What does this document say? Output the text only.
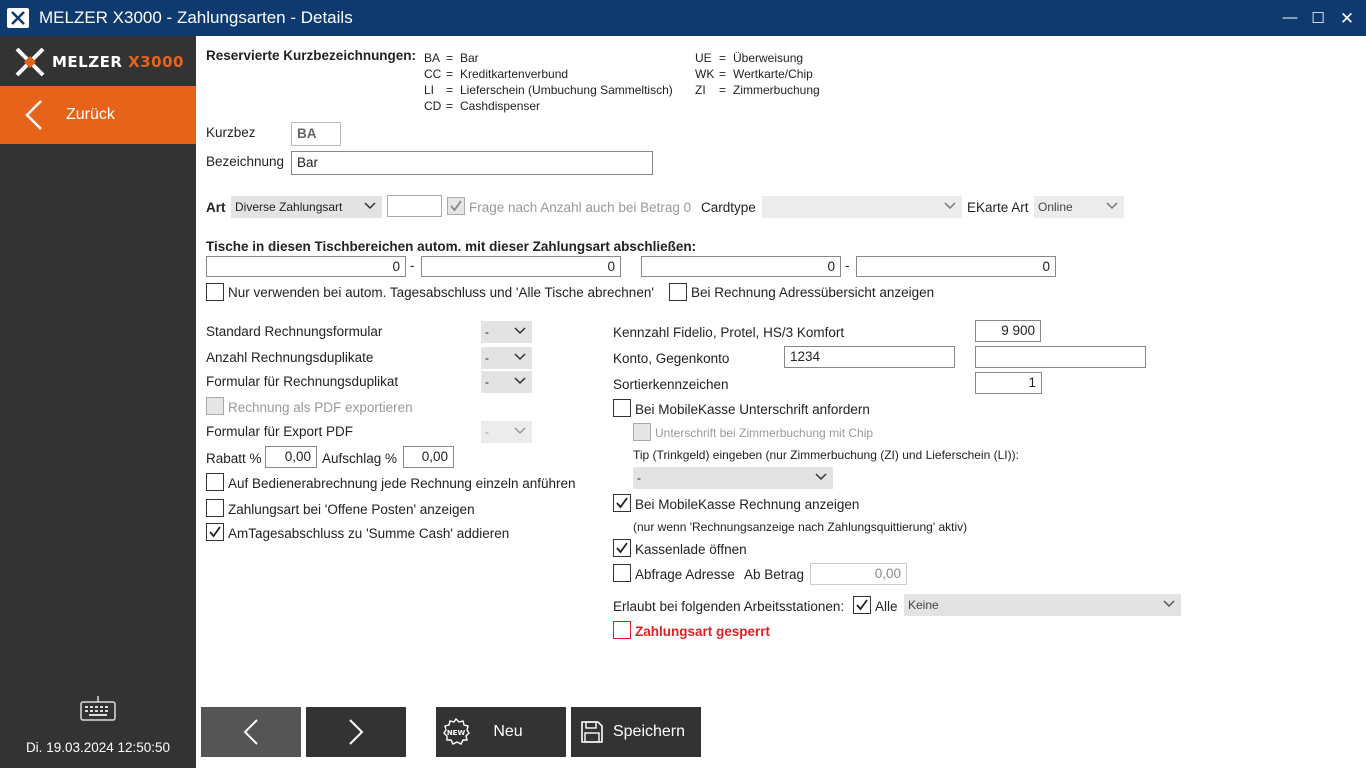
MELZER X3000 - Zahlungsarten - Details	— ☐ ✕
MELZER X3000
Zurück
Di. 19.03.2024 12:50:50
Reservierte Kurzbezeichnungen: BA = Bar
CC = Kreditkartenverbund
LI = Lieferschein (Umbuchung Sammeltisch)
CD = Cashdispenser
UE = Überweisung
WK = Wertkarte/Chip
ZI = Zimmerbuchung
Kurzbez	BA
Bezeichnung Bar
Art Diverse Zahlungsart	Frage nach Anzahl auch bei Betrag 0 Cardtype	EKarte Art Online
Tische in diesen Tischbereichen autom. mit dieser Zahlungsart abschließen:
0 -	0	0 -	0
Nur verwenden bei autom. Tagesabschluss und 'Alle Tische abrechnen'	Bei Rechnung Adressübersicht anzeigen
Standard Rechnungsformular	-
Anzahl Rechnungsduplikate	-
Formular für Rechnungsduplikat	-
Rechnung als PDF exportieren
Formular für Export PDF	-
Rabatt %	0,00 Aufschlag %	0,00
Auf Bedienerabrechnung jede Rechnung einzeln anführen
Zahlungsart bei 'Offene Posten' anzeigen
AmTagesabschluss zu 'Summe Cash' addieren
Kennzahl Fidelio, Protel, HS/3 Komfort	9 900
Konto, Gegenkonto	1234
Sortierkennzeichen	1
Bei MobileKasse Unterschrift anfordern
Unterschrift bei Zimmerbuchung mit Chip
Tip (Trinkgeld) eingeben (nur Zimmerbuchung (ZI) und Lieferschein (LI)):
-
Bei MobileKasse Rechnung anzeigen
(nur wenn 'Rechnungsanzeige nach Zahlungsquittierung' aktiv)
Kassenlade öffnen
Abfrage Adresse Ab Betrag	0,00
Erlaubt bei folgenden Arbeitsstationen: Alle Keine
Zahlungsart gesperrt
NEW Neu	Speichern
